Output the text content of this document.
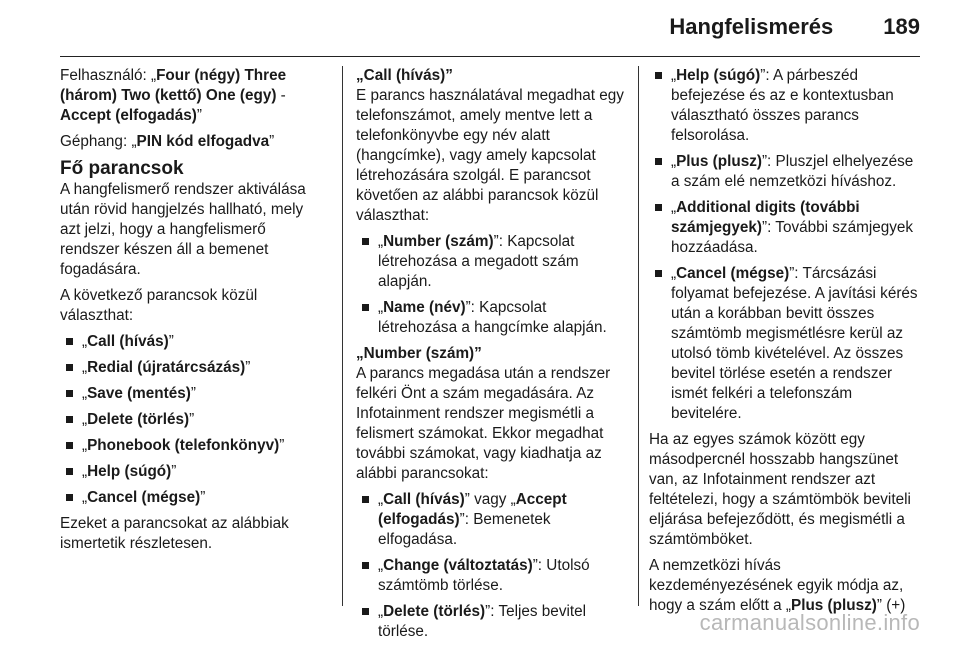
Hangfelismerés 189

Felhasználó: „Four (négy) Three (három) Two (kettő) One (egy) - Accept (elfogadás)”

Géphang: „PIN kód elfogadva”

Fő parancsok

A hangfelismerő rendszer aktiválása után rövid hangjelzés hallható, mely azt jelzi, hogy a hangfelismerő rendszer készen áll a bemenet fogadására.

A következő parancsok közül választhat:

„Call (hívás)”
„Redial (újratárcsázás)”
„Save (mentés)”
„Delete (törlés)”
„Phonebook (telefonkönyv)”
„Help (súgó)”
„Cancel (mégse)”

Ezeket a parancsokat az alábbiak ismertetik részletesen.

„Call (hívás)”

E parancs használatával megadhat egy telefonszámot, amely mentve lett a telefonkönyvbe egy név alatt (hangcímke), vagy amely kapcsolat létrehozására szolgál. E parancsot követően az alábbi parancsok közül választhat:

„Number (szám)”: Kapcsolat létrehozása a megadott szám alapján.
„Name (név)”: Kapcsolat létrehozása a hangcímke alapján.
„Number (szám)”

A parancs megadása után a rendszer felkéri Önt a szám megadására. Az Infotainment rendszer megismétli a felismert számokat. Ekkor megadhat további számokat, vagy kiadhatja az alábbi parancsokat:

„Call (hívás)” vagy „Accept (elfogadás)”: Bemenetek elfogadása.
„Change (változtatás)”: Utolsó számtömb törlése.
„Delete (törlés)”: Teljes bevitel törlése.
„Help (súgó)”: A párbeszéd befejezése és az e kontextusban választható összes parancs felsorolása.
„Plus (plusz)”: Pluszjel elhelyezése a szám elé nemzetközi híváshoz.
„Additional digits (további számjegyek)”: További számjegyek hozzáadása.
„Cancel (mégse)”: Tárcsázási folyamat befejezése. A javítási kérés után a korábban bevitt összes számtömb megismétlésre kerül az utolsó tömb kivételével. Az összes bevitel törlése esetén a rendszer ismét felkéri a telefonszám bevitelére.

Ha az egyes számok között egy másodpercnél hosszabb hangszünet van, az Infotainment rendszer azt feltételezi, hogy a számtömbök beviteli eljárása befejeződött, és megismétli a számtömböket.

A nemzetközi hívás kezdeményezésének egyik módja az, hogy a szám előtt a „Plus (plusz)” (+)

carmanualsonline.info
